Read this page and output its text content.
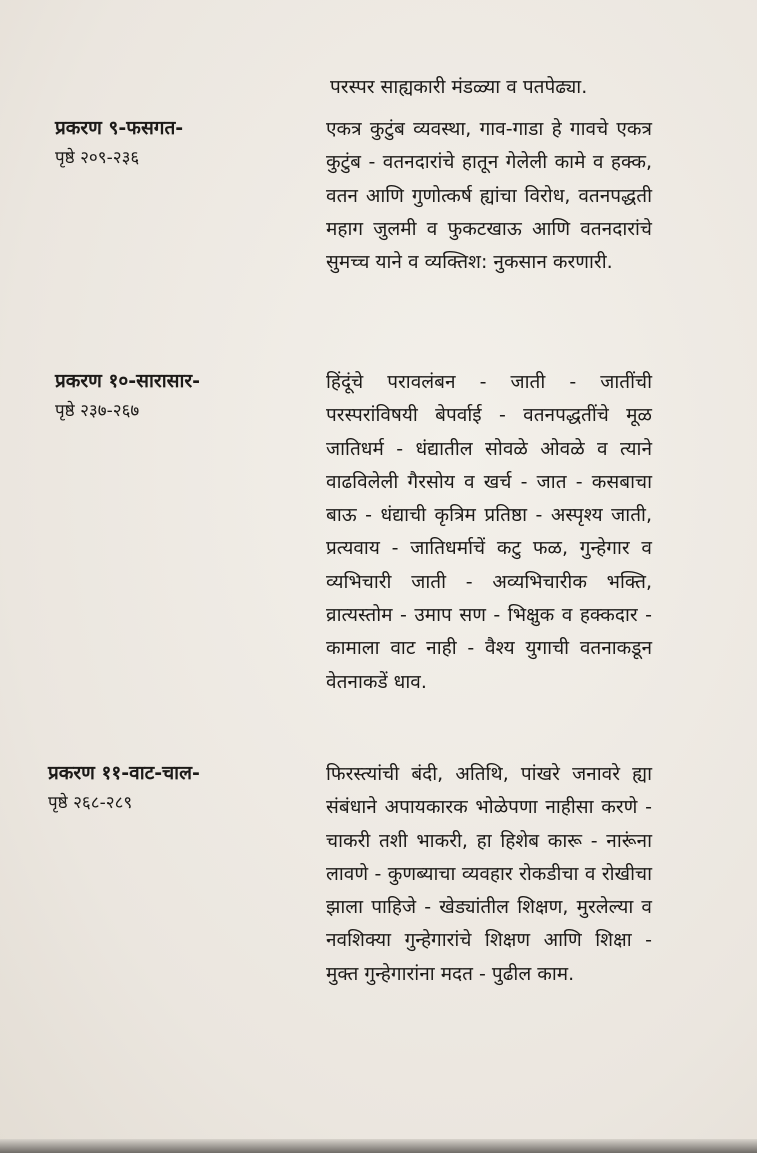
परस्पर साह्यकारी मंडळ्या व पतपेढ्या.
प्रकरण ९-फसगत-
पृष्ठे २०९-२३६
एकत्र कुटुंब व्यवस्था, गाव-गाडा हे गावचे एकत्र कुटुंब - वतनदारांचे हातून गेलेली कामे व हक्क, वतन आणि गुणोत्कर्ष ह्यांचा विरोध, वतनपद्धती महाग जुलमी व फुकटखाऊ आणि वतनदारांचे सुमच्च याने व व्यक्तिश: नुकसान करणारी.
प्रकरण १०-सारासार-
पृष्ठे २३७-२६७
हिंदूंचे परावलंबन - जाती - जातींची परस्परांविषयी बेपर्वाई - वतनपद्धतींचे मूळ जातिधर्म - धंद्यातील सोवळे ओवळे व त्याने वाढविलेली गैरसोय व खर्च - जात - कसबाचा बाऊ - धंद्याची कृत्रिम प्रतिष्ठा - अस्पृश्य जाती, प्रत्यवाय - जातिधर्माचें कटु फळ, गुन्हेगार व व्यभिचारी जाती - अव्यभिचारीक भक्ति, व्रात्यस्तोम - उमाप सण - भिक्षुक व हक्कदार - कामाला वाट नाही - वैश्य युगाची वतनाकडून वेतनाकडें धाव.
प्रकरण ११-वाट-चाल-
पृष्ठे २६८-२८९
फिरस्त्यांची बंदी, अतिथि, पांखरे जनावरे ह्या संबंधाने अपायकारक भोळेपणा नाहीसा करणे - चाकरी तशी भाकरी, हा हिशेब कारू - नारूंना लावणे - कुणब्याचा व्यवहार रोकडीचा व रोखीचा झाला पाहिजे - खेड्यांतील शिक्षण, मुरलेल्या व नवशिक्या गुन्हेगारांचे शिक्षण आणि शिक्षा - मुक्त गुन्हेगारांना मदत - पुढील काम.
